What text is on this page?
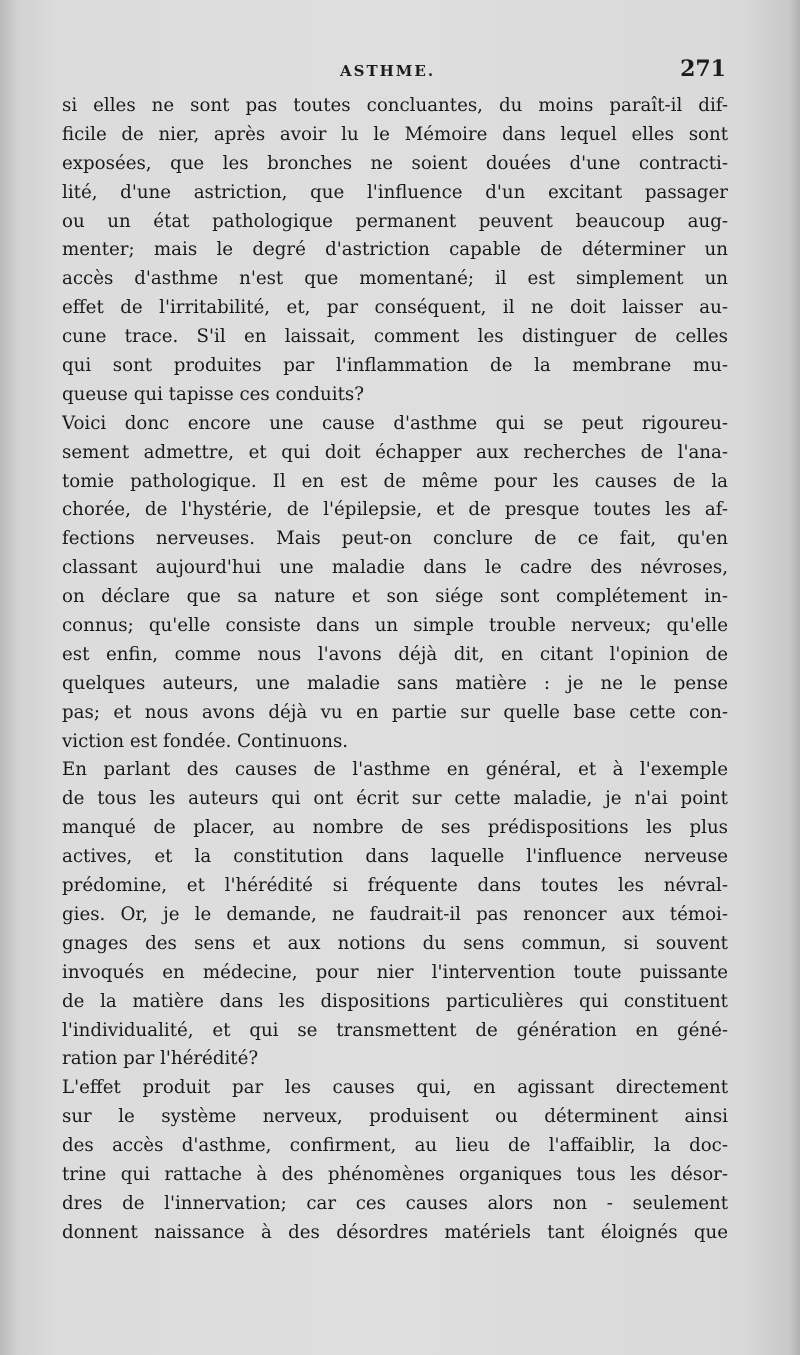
ASTHME.	271
si elles ne sont pas toutes concluantes, du moins paraît-il dif-
ficile de nier, après avoir lu le Mémoire dans lequel elles sont
exposées, que les bronches ne soient douées d'une contracti-
lité, d'une astriction, que l'influence d'un excitant passager
ou un état pathologique permanent peuvent beaucoup aug-
menter; mais le degré d'astriction capable de déterminer un
accès d'asthme n'est que momentané; il est simplement un
effet de l'irritabilité, et, par conséquent, il ne doit laisser au-
cune trace. S'il en laissait, comment les distinguer de celles
qui sont produites par l'inflammation de la membrane mu-
queuse qui tapisse ces conduits?
Voici donc encore une cause d'asthme qui se peut rigoureu-
sement admettre, et qui doit échapper aux recherches de l'ana-
tomie pathologique. Il en est de même pour les causes de la
chorée, de l'hystérie, de l'épilepsie, et de presque toutes les af-
fections nerveuses. Mais peut-on conclure de ce fait, qu'en
classant aujourd'hui une maladie dans le cadre des névroses,
on déclare que sa nature et son siége sont complétement in-
connus; qu'elle consiste dans un simple trouble nerveux; qu'elle
est enfin, comme nous l'avons déjà dit, en citant l'opinion de
quelques auteurs, une maladie sans matière : je ne le pense
pas; et nous avons déjà vu en partie sur quelle base cette con-
viction est fondée. Continuons.
En parlant des causes de l'asthme en général, et à l'exemple
de tous les auteurs qui ont écrit sur cette maladie, je n'ai point
manqué de placer, au nombre de ses prédispositions les plus
actives, et la constitution dans laquelle l'influence nerveuse
prédomine, et l'hérédité si fréquente dans toutes les névral-
gies. Or, je le demande, ne faudrait-il pas renoncer aux témoi-
gnages des sens et aux notions du sens commun, si souvent
invoqués en médecine, pour nier l'intervention toute puissante
de la matière dans les dispositions particulières qui constituent
l'individualité, et qui se transmettent de génération en géné-
ration par l'hérédité?
L'effet produit par les causes qui, en agissant directement
sur le système nerveux, produisent ou déterminent ainsi
des accès d'asthme, confirment, au lieu de l'affaiblir, la doc-
trine qui rattache à des phénomènes organiques tous les désor-
dres de l'innervation; car ces causes alors non - seulement
donnent naissance à des désordres matériels tant éloignés que
